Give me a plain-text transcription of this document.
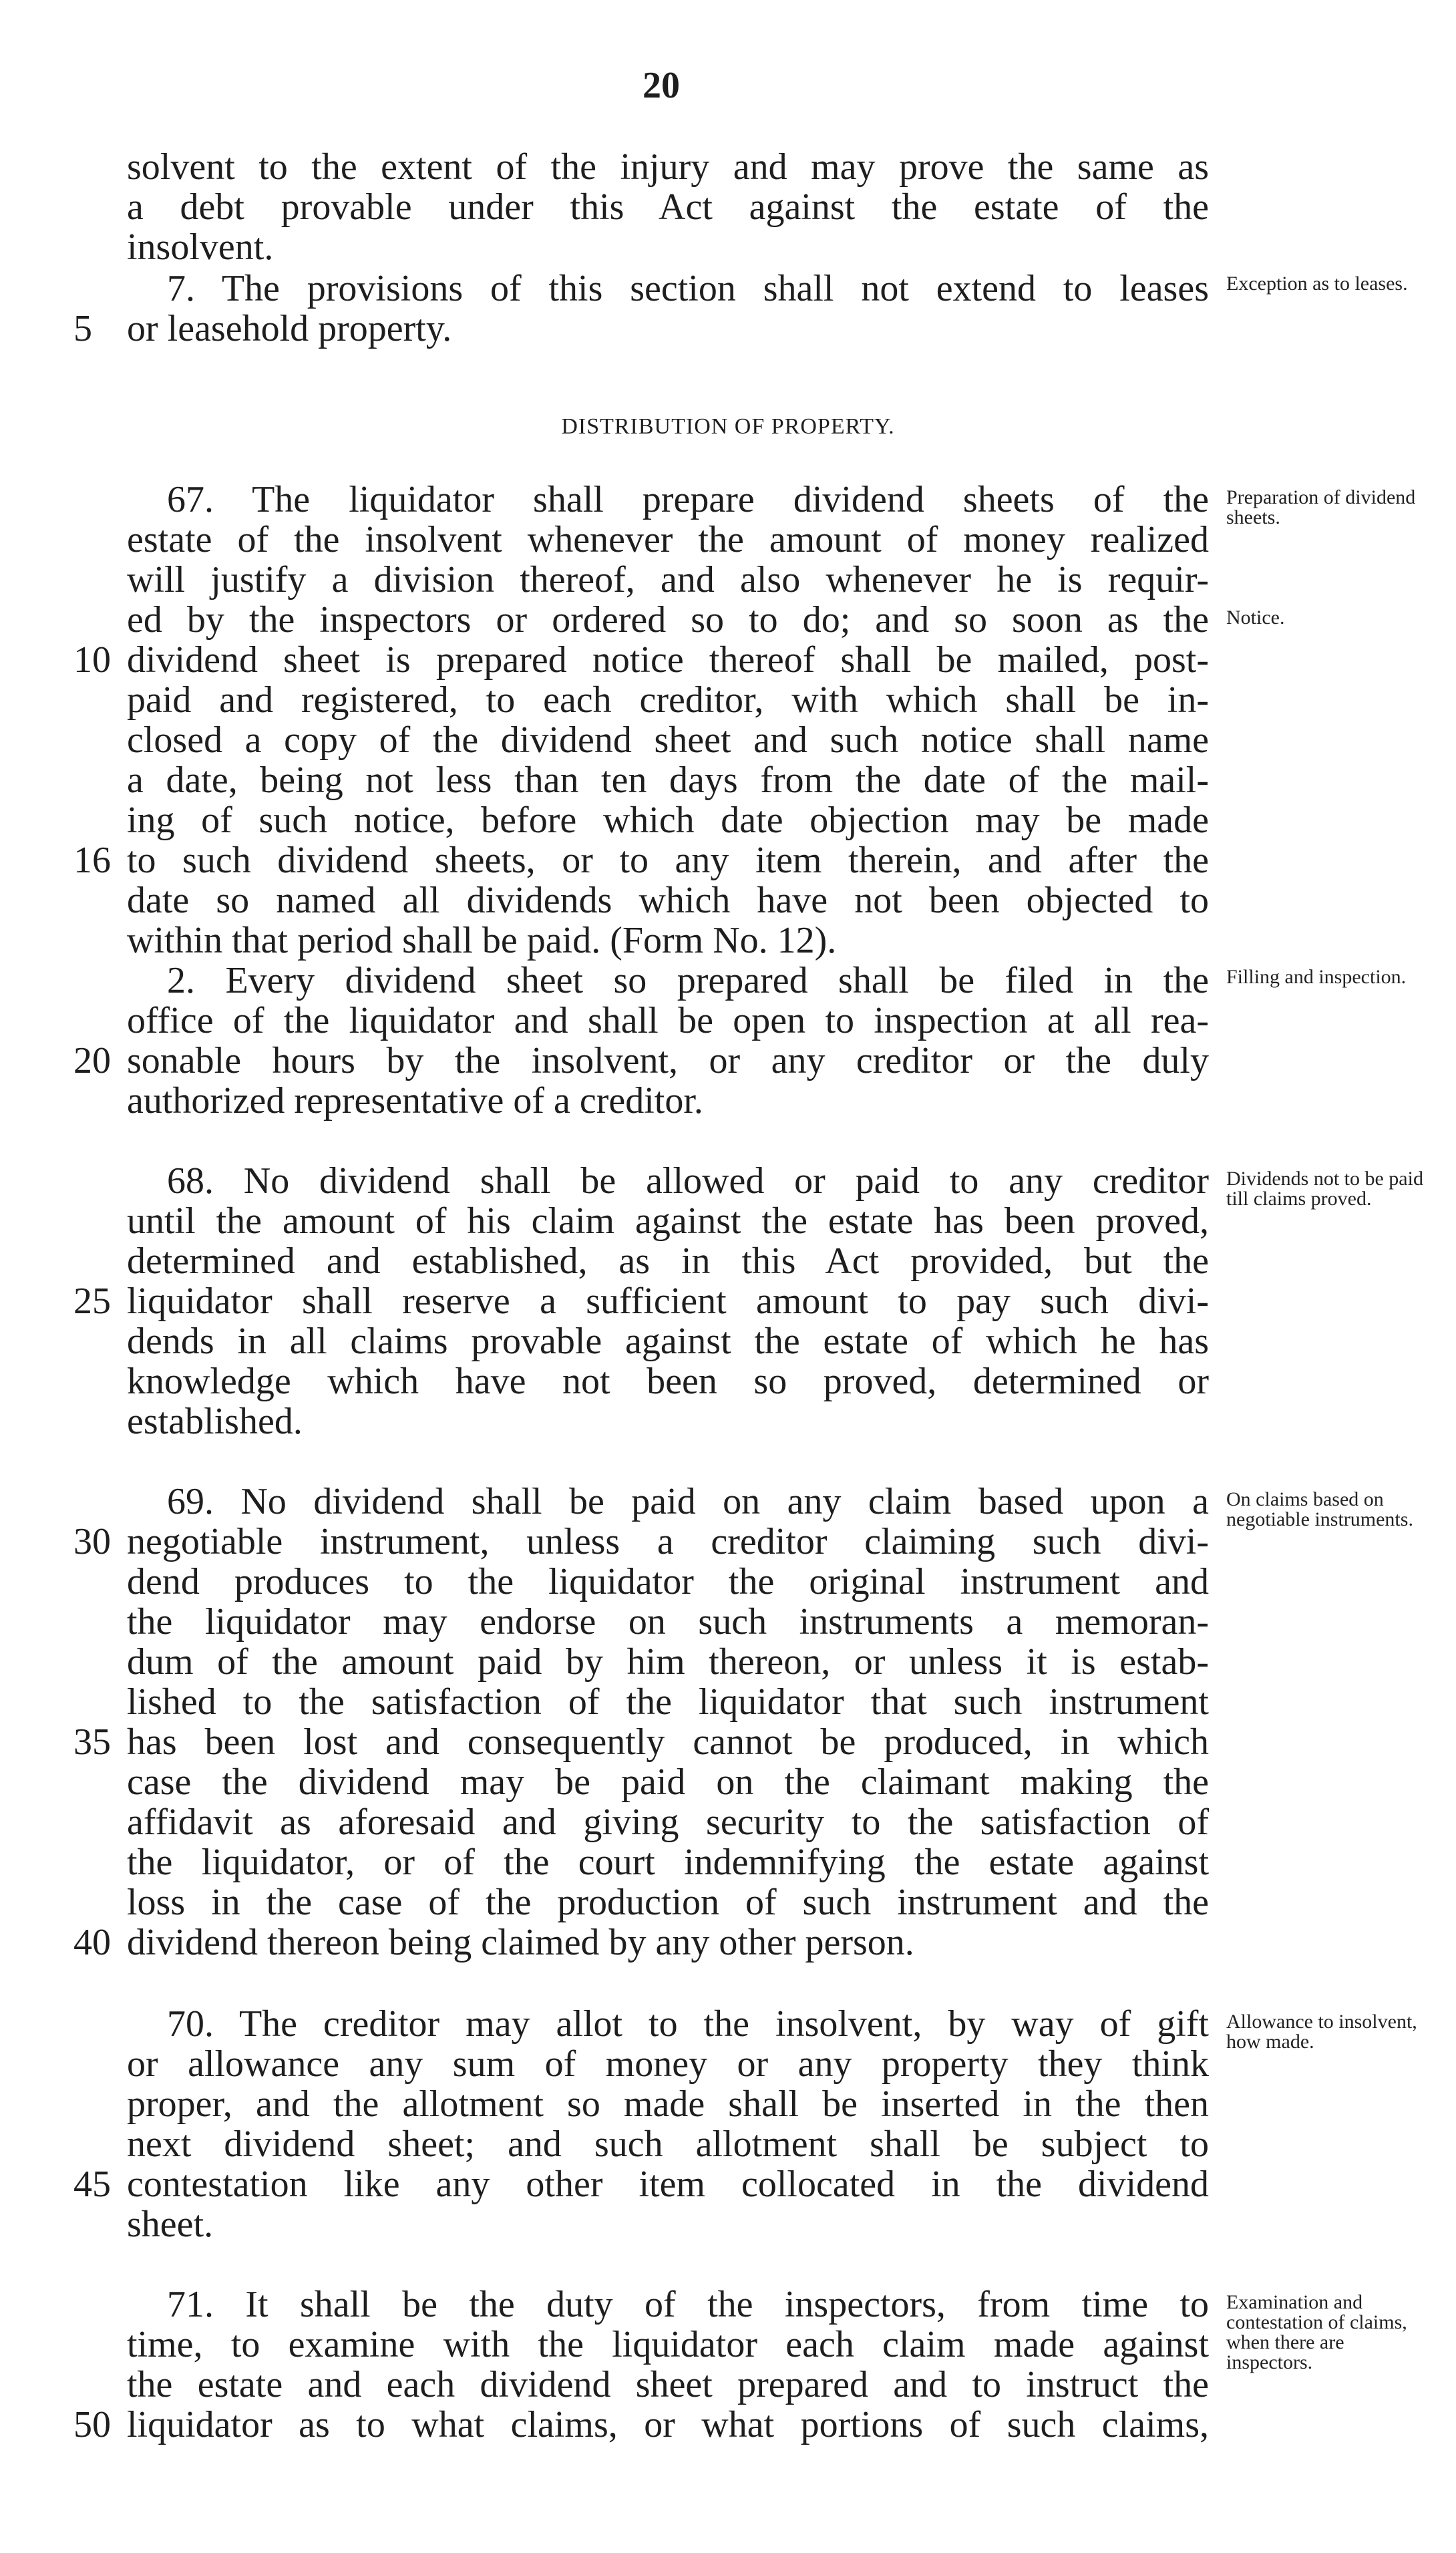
20
solvent to the extent of the injury and may prove the same as
a debt provable under this Act against the estate of the
insolvent.
7. The provisions of this section shall not extend to leases
or leasehold property.
DISTRIBUTION OF PROPERTY.
67. The liquidator shall prepare dividend sheets of the
estate of the insolvent whenever the amount of money realized
will justify a division thereof, and also whenever he is requir-
ed by the inspectors or ordered so to do; and so soon as the
dividend sheet is prepared notice thereof shall be mailed, post-
paid and registered, to each creditor, with which shall be in-
closed a copy of the dividend sheet and such notice shall name
a date, being not less than ten days from the date of the mail-
ing of such notice, before which date objection may be made
to such dividend sheets, or to any item therein, and after the
date so named all dividends which have not been objected to
within that period shall be paid. (Form No. 12).
2. Every dividend sheet so prepared shall be filed in the
office of the liquidator and shall be open to inspection at all rea-
sonable hours by the insolvent, or any creditor or the duly
authorized representative of a creditor.
68. No dividend shall be allowed or paid to any creditor
until the amount of his claim against the estate has been proved,
determined and established, as in this Act provided, but the
liquidator shall reserve a sufficient amount to pay such divi-
dends in all claims provable against the estate of which he has
knowledge which have not been so proved, determined or
established.
69. No dividend shall be paid on any claim based upon a
negotiable instrument, unless a creditor claiming such divi-
dend produces to the liquidator the original instrument and
the liquidator may endorse on such instruments a memoran-
dum of the amount paid by him thereon, or unless it is estab-
lished to the satisfaction of the liquidator that such instrument
has been lost and consequently cannot be produced, in which
case the dividend may be paid on the claimant making the
affidavit as aforesaid and giving security to the satisfaction of
the liquidator, or of the court indemnifying the estate against
loss in the case of the production of such instrument and the
dividend thereon being claimed by any other person.
70. The creditor may allot to the insolvent, by way of gift
or allowance any sum of money or any property they think
proper, and the allotment so made shall be inserted in the then
next dividend sheet; and such allotment shall be subject to
contestation like any other item collocated in the dividend
sheet.
71. It shall be the duty of the inspectors, from time to
time, to examine with the liquidator each claim made against
the estate and each dividend sheet prepared and to instruct the
liquidator as to what claims, or what portions of such claims,
5
10
16
20
25
30
35
40
45
50
Exception as to leases.
Preparation of dividend sheets.
Notice.
Filling and inspection.
Dividends not to be paid till claims proved.
On claims based on negotiable instruments.
Allowance to insolvent, how made.
Examination and contestation of claims, when there are inspectors.
